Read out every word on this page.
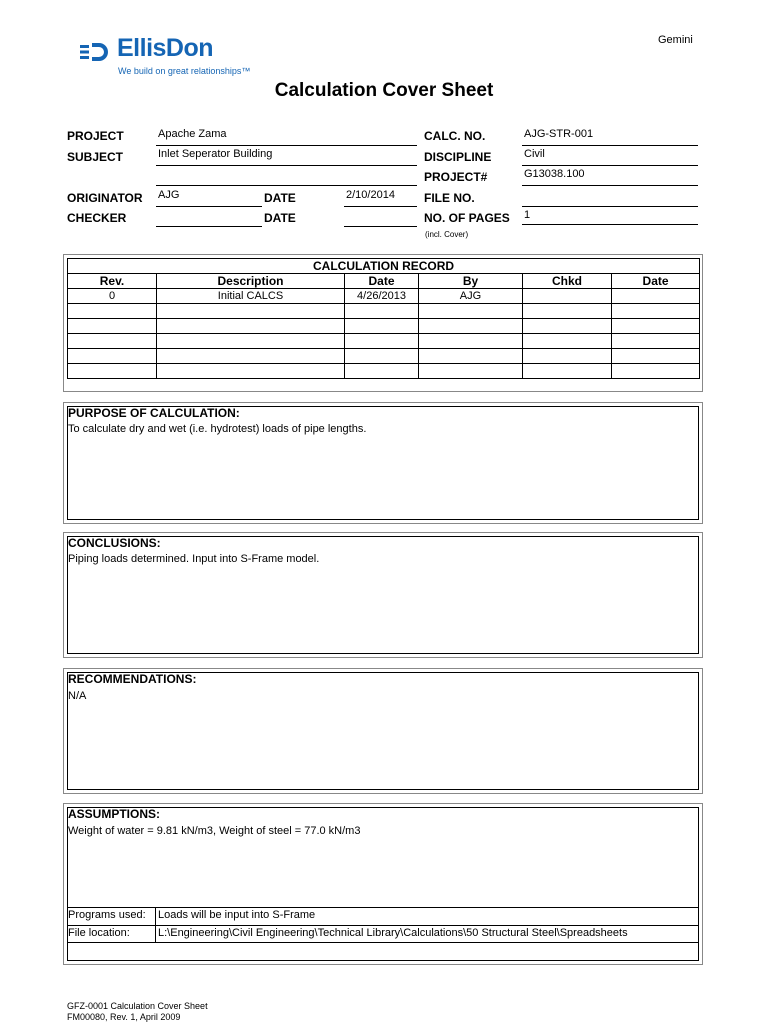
EllisDon
We build on great relationships™
Gemini
Calculation Cover Sheet
PROJECT	Apache Zama
SUBJECT	Inlet Seperator Building
ORIGINATOR AJG	DATE	2/10/2014
CHECKER	DATE
CALC. NO.	AJG-STR-001
DISCIPLINE	Civil
PROJECT#	G13038.100
FILE NO.
NO. OF PAGES 1
(incl. Cover)
CALCULATION RECORD					
Rev.	Description	Date	By	Chkd	Date
0	Initial CALCS	4/26/2013	AJG		

PURPOSE OF CALCULATION:
To calculate dry and wet (i.e. hydrotest) loads of pipe lengths.
CONCLUSIONS:
Piping loads determined. Input into S-Frame model.
RECOMMENDATIONS:
N/A
ASSUMPTIONS:
Weight of water = 9.81 kN/m3, Weight of steel = 77.0 kN/m3
Programs used: Loads will be input into S-Frame
File location:	L:\Engineering\Civil Engineering\Technical Library\Calculations\50 Structural Steel\Spreadsheets
GFZ-0001 Calculation Cover Sheet
FM00080, Rev. 1, April 2009
